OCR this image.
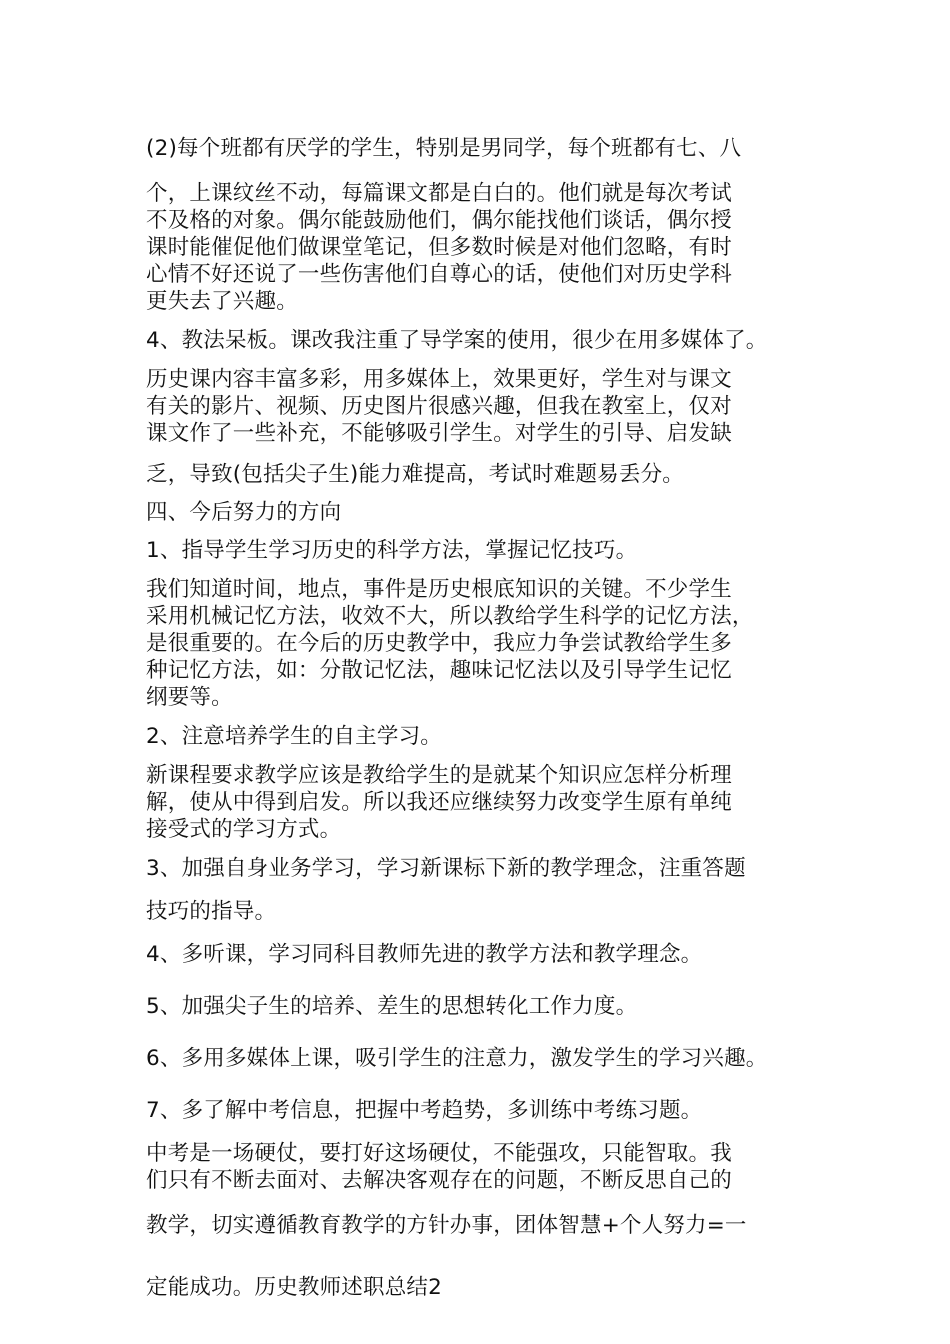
(2)每个班都有厌学的学生，特别是男同学，每个班都有七、八
个，上课纹丝不动，每篇课文都是白白的。他们就是每次考试
不及格的对象。偶尔能鼓励他们，偶尔能找他们谈话，偶尔授
课时能催促他们做课堂笔记，但多数时候是对他们忽略，有时
心情不好还说了一些伤害他们自尊心的话，使他们对历史学科
更失去了兴趣。
4、教法呆板。课改我注重了导学案的使用，很少在用多媒体了。
历史课内容丰富多彩，用多媒体上，效果更好，学生对与课文
有关的影片、视频、历史图片很感兴趣，但我在教室上，仅对
课文作了一些补充，不能够吸引学生。对学生的引导、启发缺
乏，导致(包括尖子生)能力难提高，考试时难题易丢分。
四、今后努力的方向
1、指导学生学习历史的科学方法，掌握记忆技巧。
我们知道时间，地点，事件是历史根底知识的关键。不少学生
采用机械记忆方法，收效不大，所以教给学生科学的记忆方法，
是很重要的。在今后的历史教学中，我应力争尝试教给学生多
种记忆方法，如：分散记忆法，趣味记忆法以及引导学生记忆
纲要等。
2、注意培养学生的自主学习。
新课程要求教学应该是教给学生的是就某个知识应怎样分析理
解，使从中得到启发。所以我还应继续努力改变学生原有单纯
接受式的学习方式。
3、加强自身业务学习，学习新课标下新的教学理念，注重答题
技巧的指导。
4、多听课，学习同科目教师先进的教学方法和教学理念。
5、加强尖子生的培养、差生的思想转化工作力度。
6、多用多媒体上课，吸引学生的注意力，激发学生的学习兴趣。
7、多了解中考信息，把握中考趋势，多训练中考练习题。
中考是一场硬仗，要打好这场硬仗，不能强攻，只能智取。我
们只有不断去面对、去解决客观存在的问题，不断反思自己的
教学，切实遵循教育教学的方针办事，团体智慧+个人努力=一
定能成功。历史教师述职总结2
